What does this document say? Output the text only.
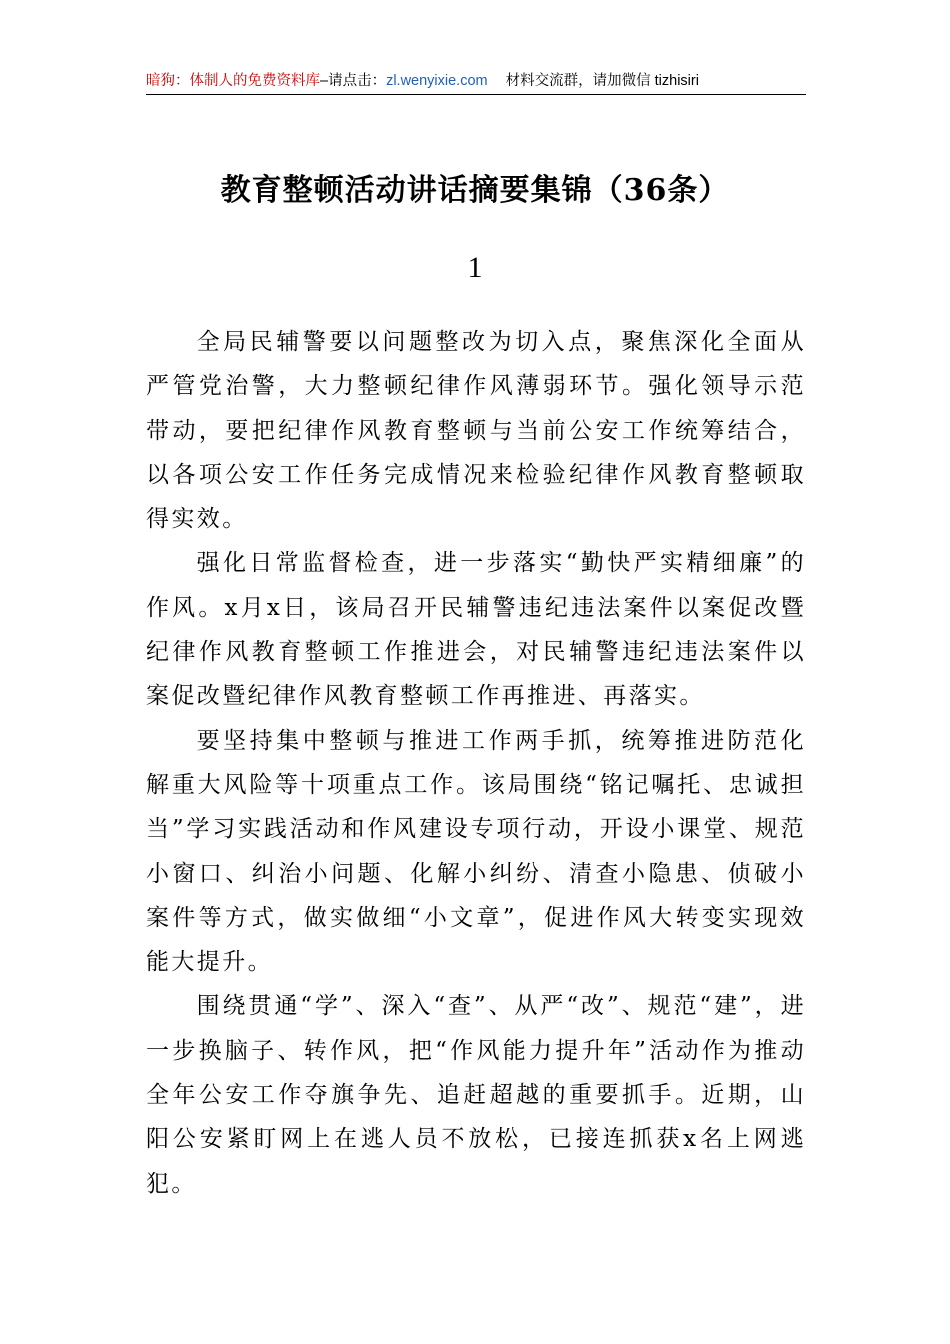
暗狗：体制人的免费资料库–请点击：zl.wenyixie.com 材料交流群，请加微信 tizhisiri
教育整顿活动讲话摘要集锦（36条）
1

全局民辅警要以问题整改为切入点，聚焦深化全面从严管党治警，大力整顿纪律作风薄弱环节。强化领导示范带动，要把纪律作风教育整顿与当前公安工作统筹结合，以各项公安工作任务完成情况来检验纪律作风教育整顿取得实效。

强化日常监督检查，进一步落实“勤快严实精细廉”的作风。x月x日，该局召开民辅警违纪违法案件以案促改暨纪律作风教育整顿工作推进会，对民辅警违纪违法案件以案促改暨纪律作风教育整顿工作再推进、再落实。

要坚持集中整顿与推进工作两手抓，统筹推进防范化解重大风险等十项重点工作。该局围绕“铭记嘱托、忠诚担当”学习实践活动和作风建设专项行动，开设小课堂、规范小窗口、纠治小问题、化解小纠纷、清查小隐患、侦破小案件等方式，做实做细“小文章”，促进作风大转变实现效能大提升。

围绕贯通“学”、深入“查”、从严“改”、规范“建”，进一步换脑子、转作风，把“作风能力提升年”活动作为推动全年公安工作夺旗争先、追赶超越的重要抓手。近期，山阳公安紧盯网上在逃人员不放松，已接连抓获x名上网逃犯。
